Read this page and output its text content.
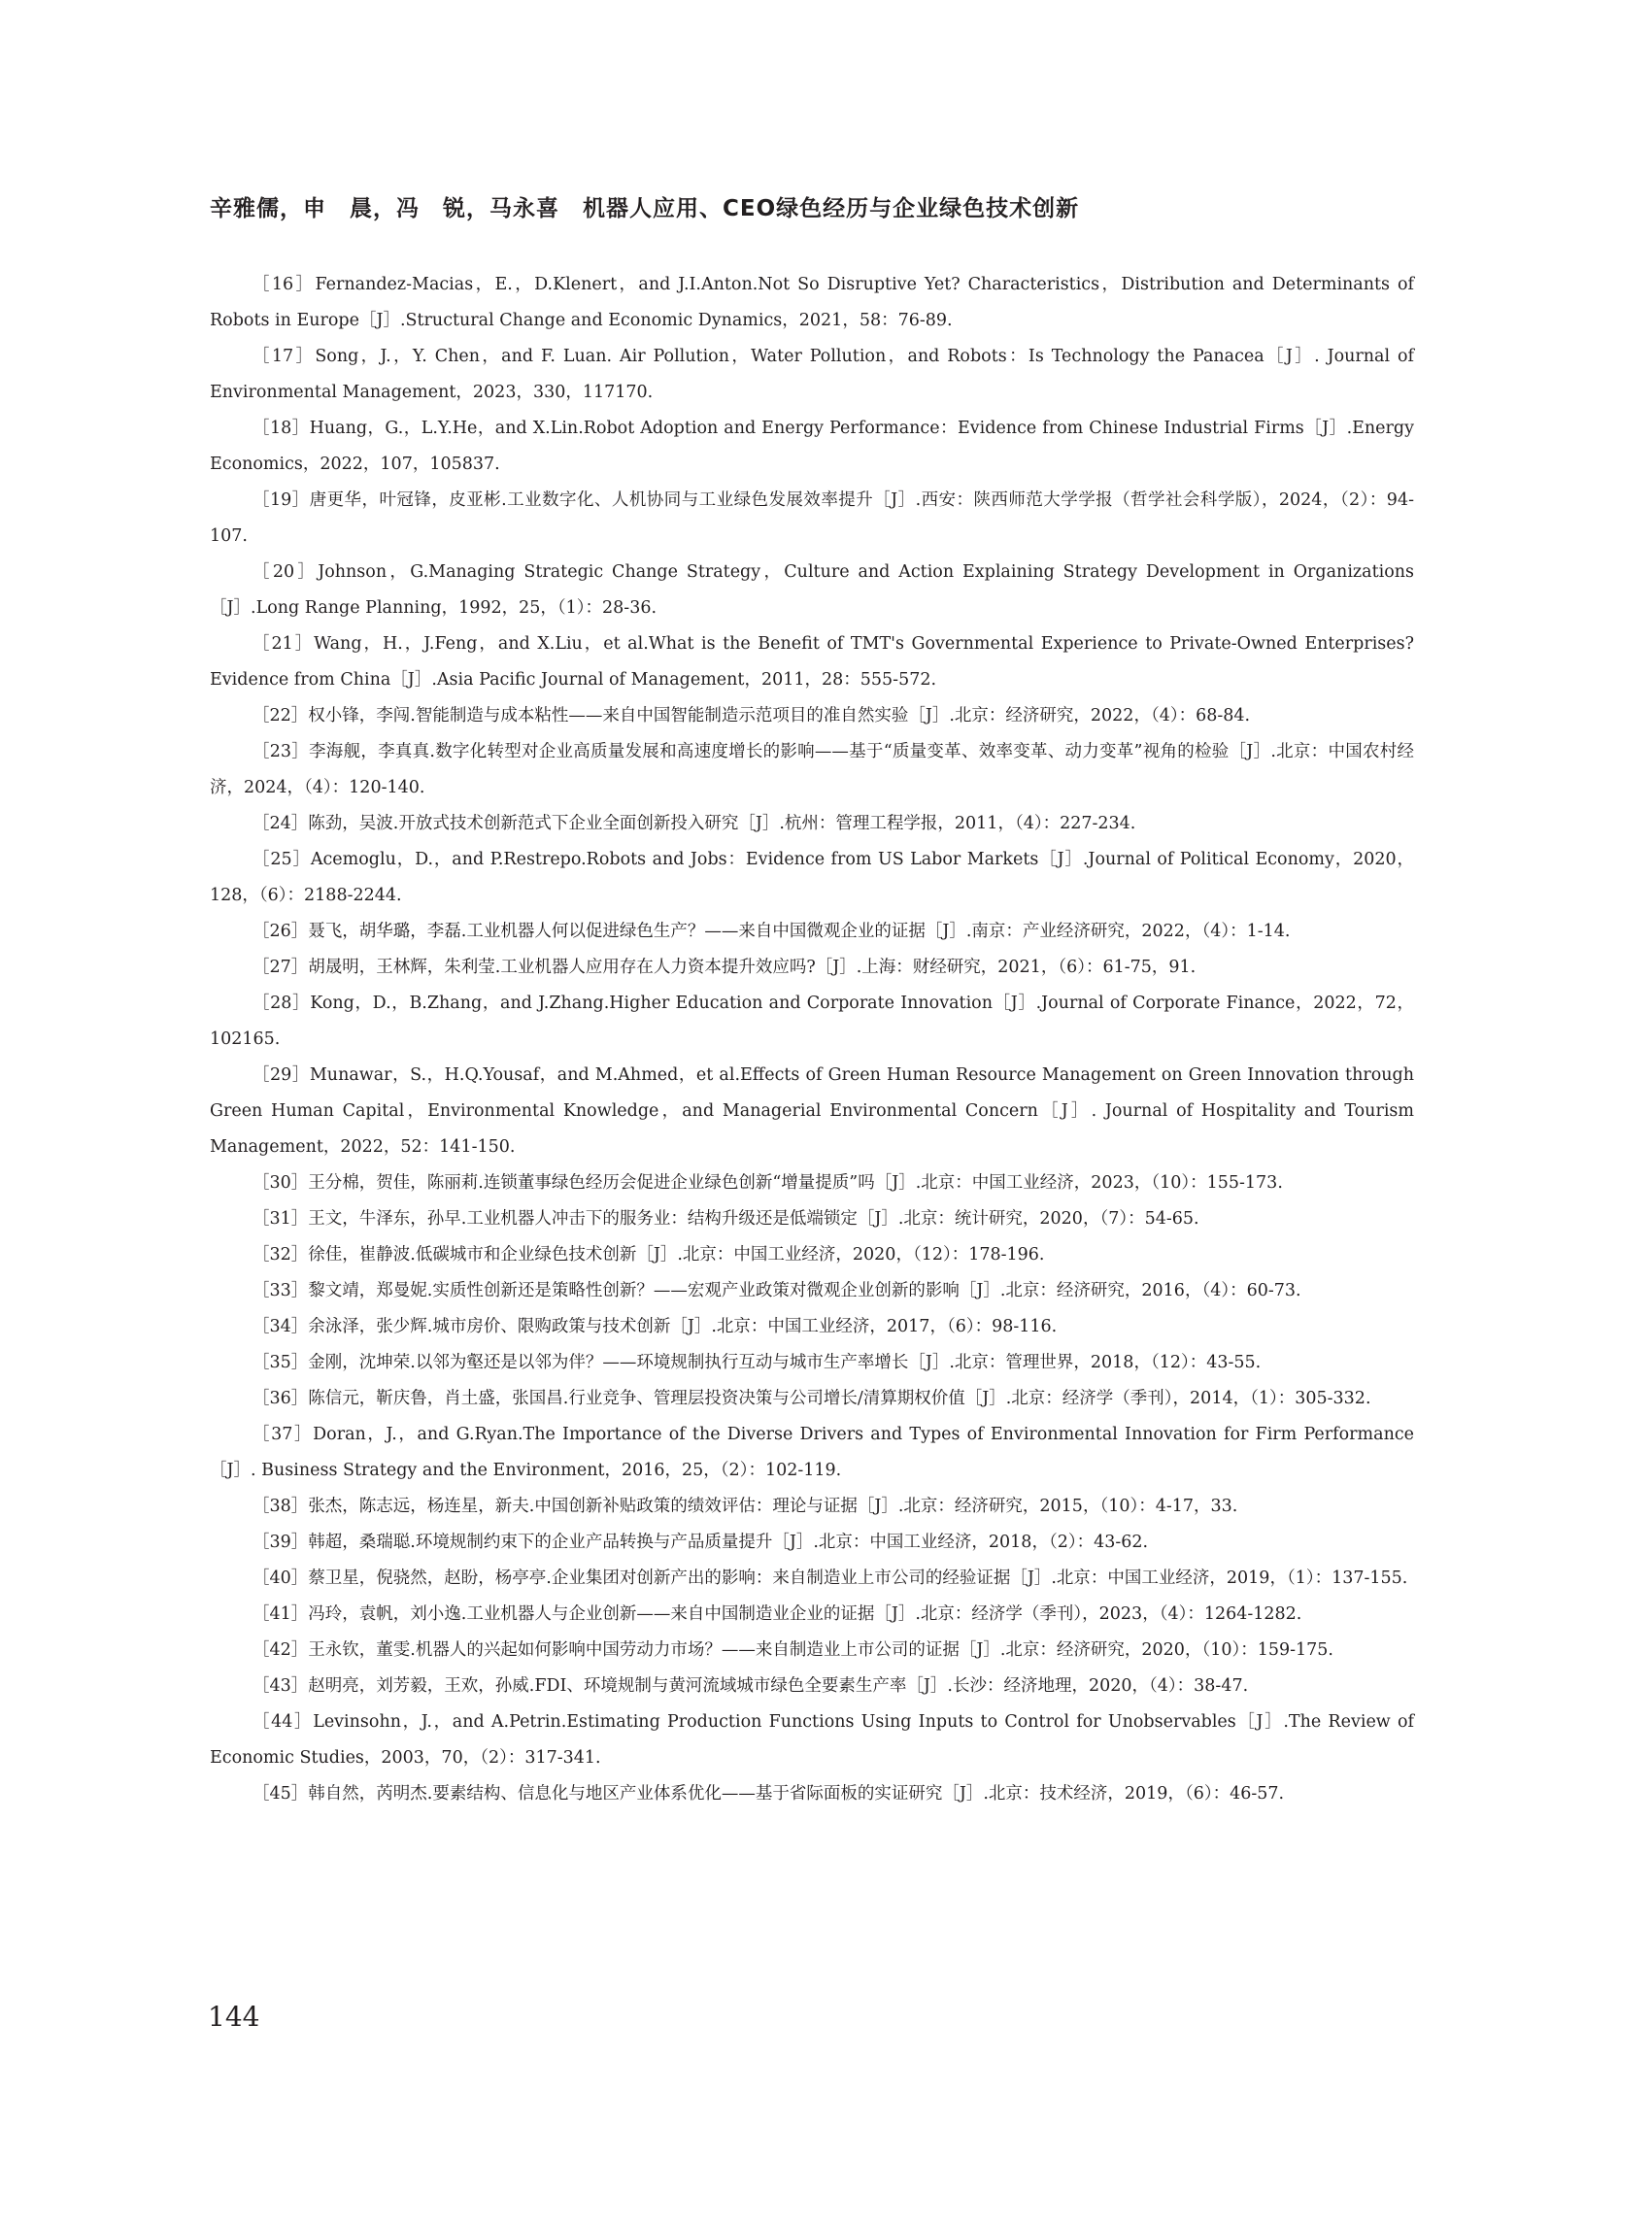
辛雅儒，申　晨，冯　锐，马永喜　机器人应用、CEO绿色经历与企业绿色技术创新
［16］Fernandez-Macias，E.，D.Klenert，and J.I.Anton.Not So Disruptive Yet? Characteristics，Distribution and Determinants of Robots in Europe［J］.Structural Change and Economic Dynamics，2021，58：76-89.
［17］Song，J.，Y. Chen，and F. Luan. Air Pollution，Water Pollution，and Robots：Is Technology the Panacea［J］. Journal of Environmental Management，2023，330，117170.
［18］Huang，G.，L.Y.He，and X.Lin.Robot Adoption and Energy Performance：Evidence from Chinese Industrial Firms［J］.Energy Economics，2022，107，105837.
［19］唐更华，叶冠锋，皮亚彬.工业数字化、人机协同与工业绿色发展效率提升［J］.西安：陕西师范大学学报（哲学社会科学版），2024，（2）：94-107.
［20］Johnson，G.Managing Strategic Change Strategy，Culture and Action Explaining Strategy Development in Organizations［J］.Long Range Planning，1992，25，（1）：28-36.
［21］Wang，H.，J.Feng，and X.Liu，et al.What is the Benefit of TMT's Governmental Experience to Private-Owned Enterprises? Evidence from China［J］.Asia Pacific Journal of Management，2011，28：555-572.
［22］权小锋，李闯.智能制造与成本粘性——来自中国智能制造示范项目的准自然实验［J］.北京：经济研究，2022，（4）：68-84.
［23］李海舰，李真真.数字化转型对企业高质量发展和高速度增长的影响——基于“质量变革、效率变革、动力变革”视角的检验［J］.北京：中国农村经济，2024，（4）：120-140.
［24］陈劲，吴波.开放式技术创新范式下企业全面创新投入研究［J］.杭州：管理工程学报，2011，（4）：227-234.
［25］Acemoglu，D.，and P.Restrepo.Robots and Jobs：Evidence from US Labor Markets［J］.Journal of Political Economy，2020，128，（6）：2188-2244.
［26］聂飞，胡华璐，李磊.工业机器人何以促进绿色生产？——来自中国微观企业的证据［J］.南京：产业经济研究，2022，（4）：1-14.
［27］胡晟明，王林辉，朱利莹.工业机器人应用存在人力资本提升效应吗?［J］.上海：财经研究，2021，（6）：61-75，91.
［28］Kong，D.，B.Zhang，and J.Zhang.Higher Education and Corporate Innovation［J］.Journal of Corporate Finance，2022，72，102165.
［29］Munawar，S.，H.Q.Yousaf，and M.Ahmed，et al.Effects of Green Human Resource Management on Green Innovation through Green Human Capital，Environmental Knowledge，and Managerial Environmental Concern［J］. Journal of Hospitality and Tourism Management，2022，52：141-150.
［30］王分棉，贺佳，陈丽莉.连锁董事绿色经历会促进企业绿色创新“增量提质”吗［J］.北京：中国工业经济，2023，（10）：155-173.
［31］王文，牛泽东，孙早.工业机器人冲击下的服务业：结构升级还是低端锁定［J］.北京：统计研究，2020，（7）：54-65.
［32］徐佳，崔静波.低碳城市和企业绿色技术创新［J］.北京：中国工业经济，2020，（12）：178-196.
［33］黎文靖，郑曼妮.实质性创新还是策略性创新？——宏观产业政策对微观企业创新的影响［J］.北京：经济研究，2016，（4）：60-73.
［34］余泳泽，张少辉.城市房价、限购政策与技术创新［J］.北京：中国工业经济，2017，（6）：98-116.
［35］金刚，沈坤荣.以邻为壑还是以邻为伴？——环境规制执行互动与城市生产率增长［J］.北京：管理世界，2018，（12）：43-55.
［36］陈信元，靳庆鲁，肖土盛，张国昌.行业竞争、管理层投资决策与公司增长/清算期权价值［J］.北京：经济学（季刊），2014，（1）：305-332.
［37］Doran，J.，and G.Ryan.The Importance of the Diverse Drivers and Types of Environmental Innovation for Firm Performance［J］. Business Strategy and the Environment，2016，25，（2）：102-119.
［38］张杰，陈志远，杨连星，新夫.中国创新补贴政策的绩效评估：理论与证据［J］.北京：经济研究，2015，（10）：4-17，33.
［39］韩超，桑瑞聪.环境规制约束下的企业产品转换与产品质量提升［J］.北京：中国工业经济，2018，（2）：43-62.
［40］蔡卫星，倪骁然，赵盼，杨亭亭.企业集团对创新产出的影响：来自制造业上市公司的经验证据［J］.北京：中国工业经济，2019，（1）：137-155.
［41］冯玲，袁帆，刘小逸.工业机器人与企业创新——来自中国制造业企业的证据［J］.北京：经济学（季刊），2023，（4）：1264-1282.
［42］王永钦，董雯.机器人的兴起如何影响中国劳动力市场？——来自制造业上市公司的证据［J］.北京：经济研究，2020，（10）：159-175.
［43］赵明亮，刘芳毅，王欢，孙威.FDI、环境规制与黄河流域城市绿色全要素生产率［J］.长沙：经济地理，2020，（4）：38-47.
［44］Levinsohn，J.，and A.Petrin.Estimating Production Functions Using Inputs to Control for Unobservables［J］.The Review of Economic Studies，2003，70，（2）：317-341.
［45］韩自然，芮明杰.要素结构、信息化与地区产业体系优化——基于省际面板的实证研究［J］.北京：技术经济，2019，（6）：46-57.
144
